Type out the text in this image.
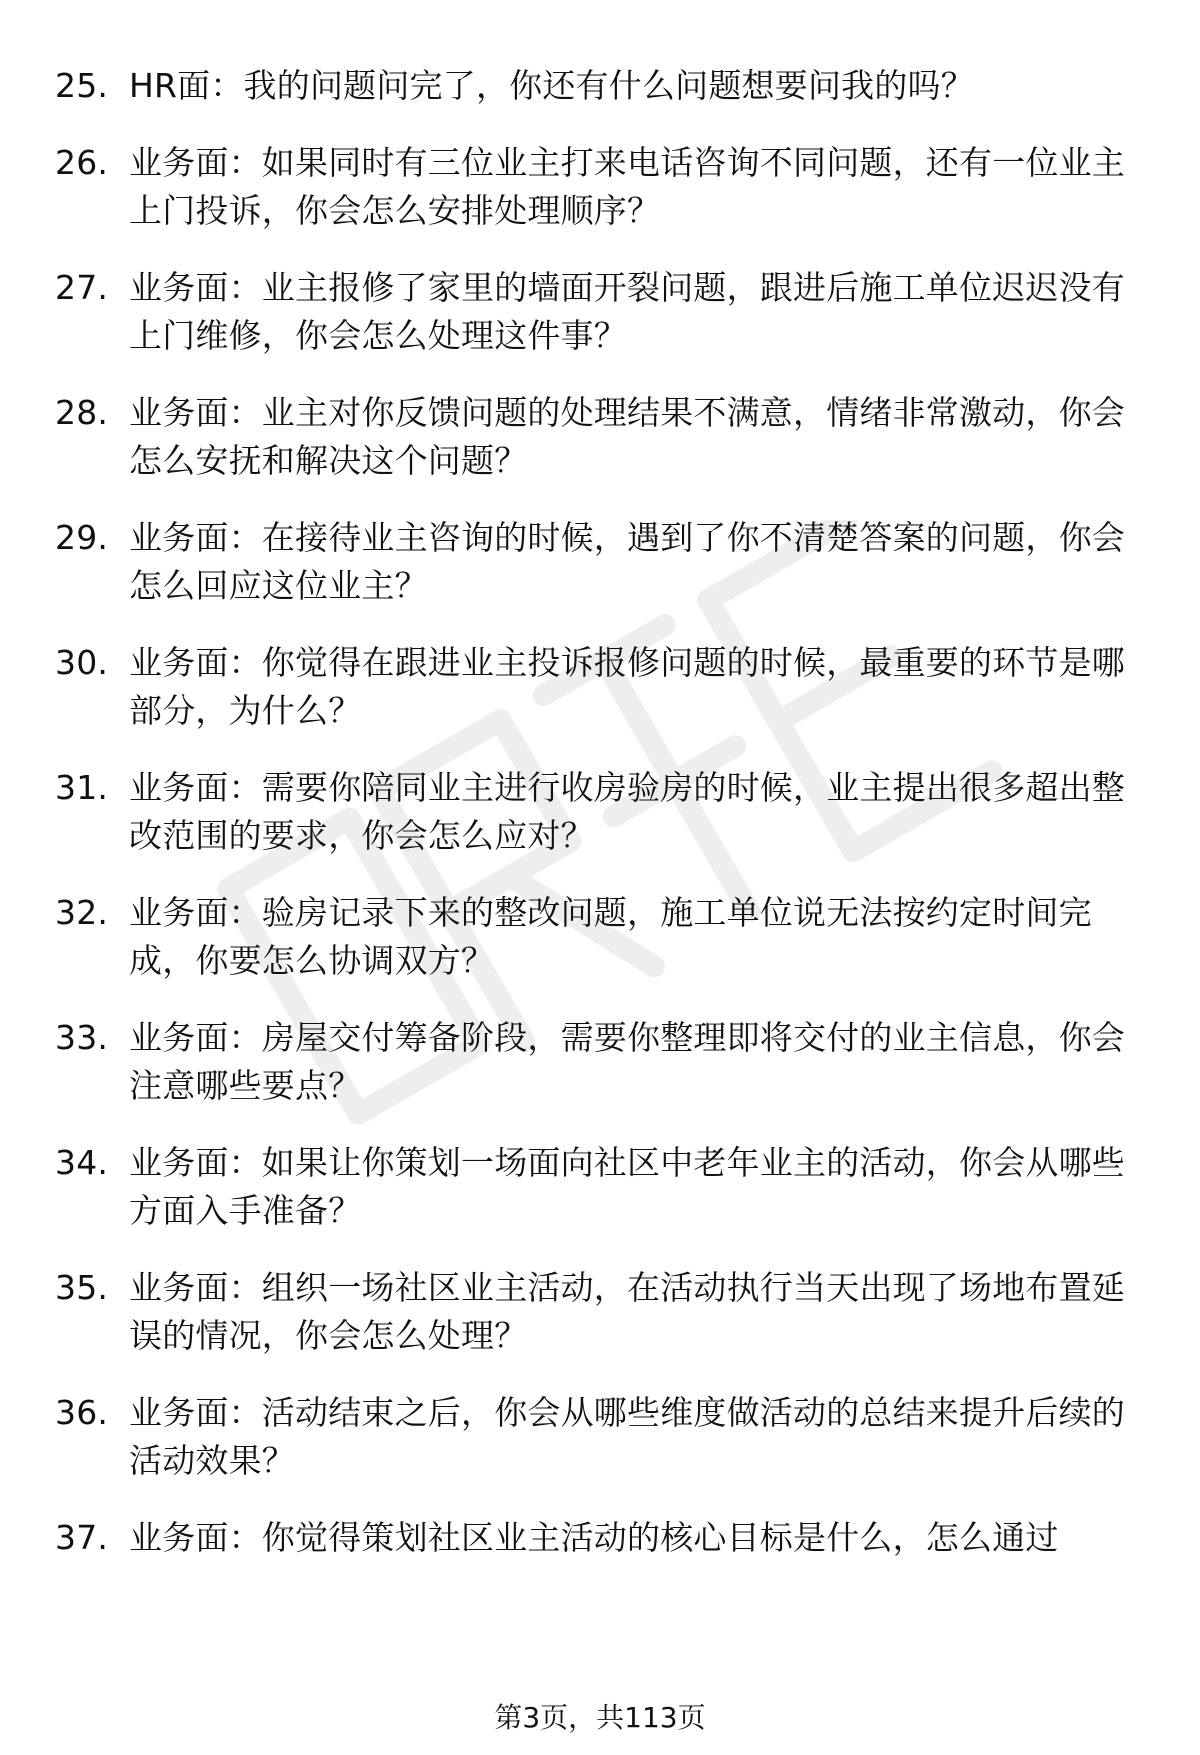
25. HR面：我的问题问完了，你还有什么问题想要问我的吗？
26. 业务面：如果同时有三位业主打来电话咨询不同问题，还有一位业主上门投诉，你会怎么安排处理顺序？
27. 业务面：业主报修了家里的墙面开裂问题，跟进后施工单位迟迟没有上门维修，你会怎么处理这件事？
28. 业务面：业主对你反馈问题的处理结果不满意，情绪非常激动，你会怎么安抚和解决这个问题？
29. 业务面：在接待业主咨询的时候，遇到了你不清楚答案的问题，你会怎么回应这位业主？
30. 业务面：你觉得在跟进业主投诉报修问题的时候，最重要的环节是哪部分，为什么？
31. 业务面：需要你陪同业主进行收房验房的时候，业主提出很多超出整改范围的要求，你会怎么应对？
32. 业务面：验房记录下来的整改问题，施工单位说无法按约定时间完成，你要怎么协调双方？
33. 业务面：房屋交付筹备阶段，需要你整理即将交付的业主信息，你会注意哪些要点？
34. 业务面：如果让你策划一场面向社区中老年业主的活动，你会从哪些方面入手准备？
35. 业务面：组织一场社区业主活动，在活动执行当天出现了场地布置延误的情况，你会怎么处理？
36. 业务面：活动结束之后，你会从哪些维度做活动的总结来提升后续的活动效果？
37. 业务面：你觉得策划社区业主活动的核心目标是什么，怎么通过
第3页，共113页
